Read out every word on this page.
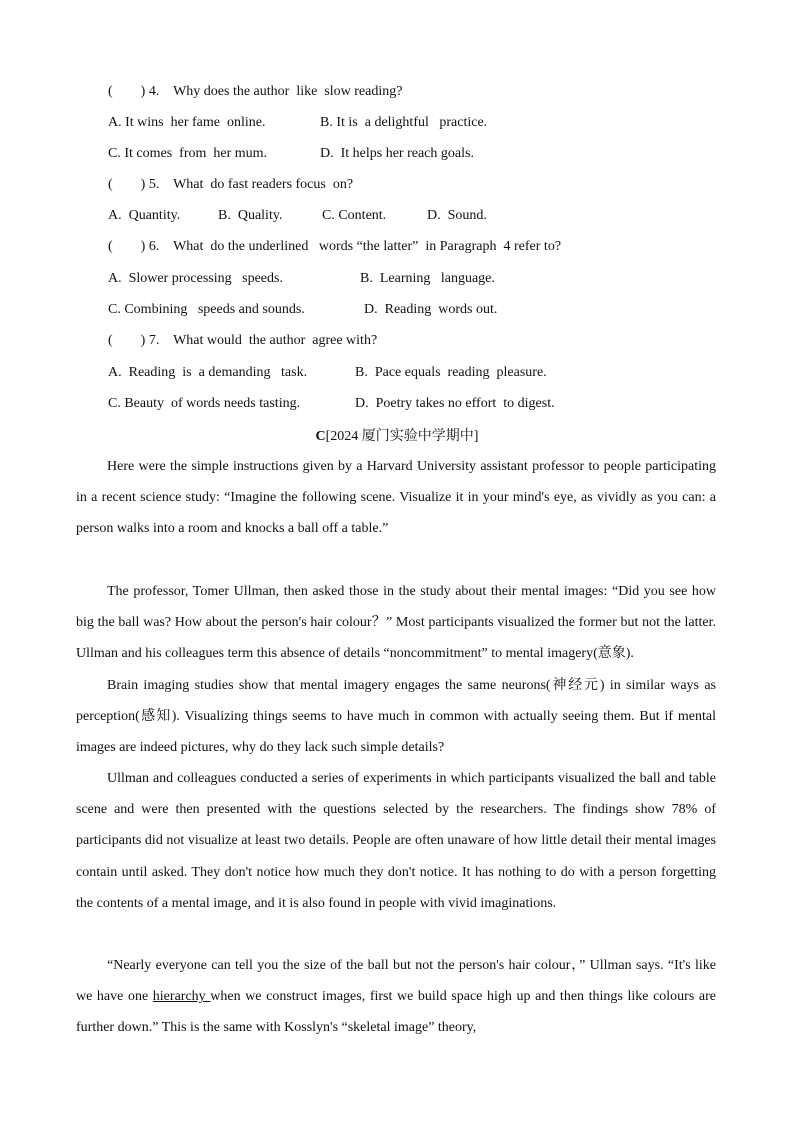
(        ) 4.    Why does the author  like  slow reading?
A. It wins  her fame  online.	B. It is  a delightful   practice.
C. It comes  from  her mum.	D.  It helps her reach goals.
(        ) 5.    What  do fast readers focus  on?
A.  Quantity.	B.  Quality.	C. Content.	D.  Sound.
(        ) 6.    What  do the underlined   words “the latter”  in Paragraph  4 refer to?
A.  Slower processing   speeds.	B.  Learning   language.
C. Combining   speeds and sounds.	D.  Reading  words out.
(        ) 7.    What would  the author  agree with?
A.  Reading  is  a demanding   task.	B.  Pace equals  reading  pleasure.
C. Beauty  of words needs tasting.	D.  Poetry takes no effort  to digest.
C[2024 厦门实验中学期中]
Here were the simple instructions given by a Harvard University assistant professor to people participating in a recent science study: “Imagine the following scene. Visualize it in your mind's eye, as vividly as you can: a person walks into a room and knocks a ball off a table.”
The professor, Tomer Ullman, then asked those in the study about their mental images: “Did you see how big the ball was? How about the person's hair colour？” Most participants visualized the former but not the latter. Ullman and his colleagues term this absence of details “noncommitment” to mental imagery(意象).
Brain imaging studies show that mental imagery engages the same neurons(神经元) in similar ways as perception(感知). Visualizing things seems to have much in common with actually seeing them. But if mental images are indeed pictures, why do they lack such simple details?
Ullman and colleagues conducted a series of experiments in which participants visualized the ball and table scene and were then presented with the questions selected by the researchers. The findings show 78% of participants did not visualize at least two details. People are often unaware of how little detail their mental images contain until asked. They don't notice how much they don't notice. It has nothing to do with a person forgetting the contents of a mental image, and it is also found in people with vivid imaginations.
“Nearly everyone can tell you the size of the ball but not the person's hair colour，” Ullman says. “It's like we have one hierarchy when we construct images, first we build space high up and then things like colours are further down.” This is the same with Kosslyn's “skeletal image” theory,
